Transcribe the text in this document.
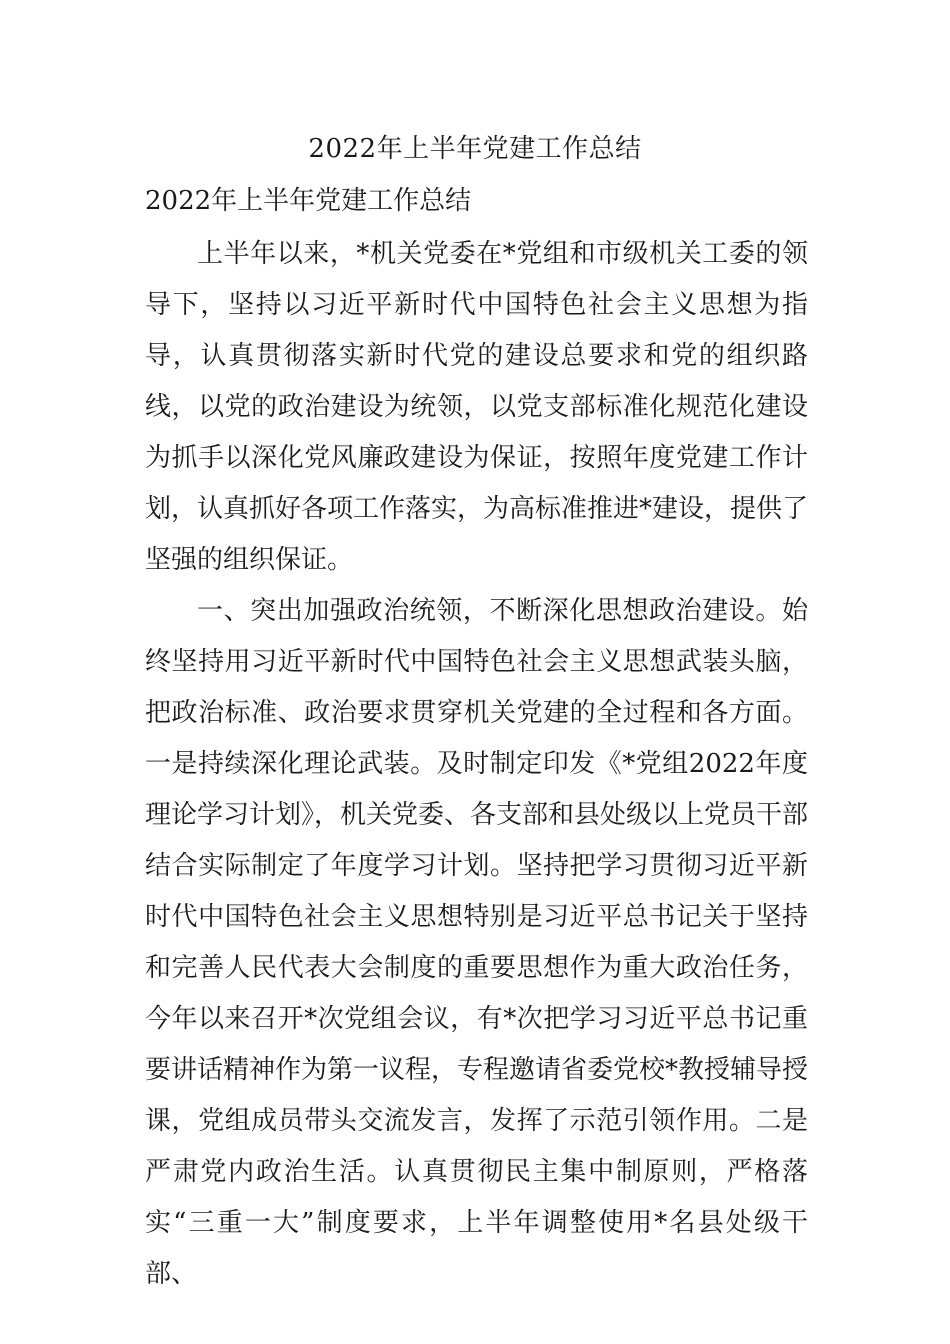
2022年上半年党建工作总结
2022年上半年党建工作总结

上半年以来，*机关党委在*党组和市级机关工委的领导下，坚持以习近平新时代中国特色社会主义思想为指导，认真贯彻落实新时代党的建设总要求和党的组织路线，以党的政治建设为统领，以党支部标准化规范化建设为抓手以深化党风廉政建设为保证，按照年度党建工作计划，认真抓好各项工作落实，为高标准推进*建设，提供了坚强的组织保证。

一、突出加强政治统领，不断深化思想政治建设。始终坚持用习近平新时代中国特色社会主义思想武装头脑，把政治标准、政治要求贯穿机关党建的全过程和各方面。一是持续深化理论武装。及时制定印发《*党组2022年度理论学习计划》，机关党委、各支部和县处级以上党员干部结合实际制定了年度学习计划。坚持把学习贯彻习近平新时代中国特色社会主义思想特别是习近平总书记关于坚持和完善人民代表大会制度的重要思想作为重大政治任务，今年以来召开*次党组会议，有*次把学习习近平总书记重要讲话精神作为第一议程，专程邀请省委党校*教授辅导授课，党组成员带头交流发言，发挥了示范引领作用。二是严肃党内政治生活。认真贯彻民主集中制原则，严格落实“三重一大”制度要求，上半年调整使用*名县处级干部、
